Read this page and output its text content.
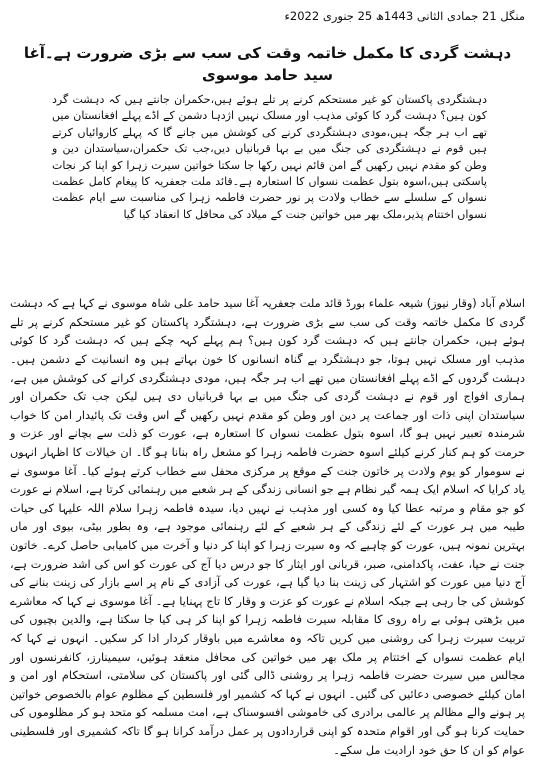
منگل 21 جمادی الثانی 1443ھ 25 جنوری 2022ء
دہشت گردی کا مکمل خاتمہ وقت کی سب سے بڑی ضرورت ہے۔آغا سید حامد موسوی

دہشتگردی پاکستان کو غیر مستحکم کرنے پر تلے ہوئے ہیں،حکمران جانتے ہیں کہ دہشت گرد کون ہیں؟ دہشت گرد کا کوئی مذہب اور مسلک نہیں اژدہا دشمن کے اڈے پہلے افغانستان میں تھے اب ہر جگہ ہیں،مودی دہشتگردی کرنے کی کوشش میں جانے گا کہ پہلے کاروائیاں کرتے ہیں قوم نے دہشتگردی کی جنگ میں بے بہا قربانیاں دیں،جب تک حکمران،سیاستدان دین و وطن کو مقدم نہیں رکھیں گے امن قائم نہیں رکھا جا سکتا خواتین سیرت زہرا کو اپنا کر نجات پاسکتی ہیں،اسوہ بتول عظمت نسواں کا استعارہ ہے۔قائد ملت جعفریہ کا پیغام کامل عظمت نسواں کے سلسلے سے خطاب ولادت پر نور حضرت فاطمہ زہرا کی مناسبت سے ایام عظمت نسواں اختتام پذیر،ملک بھر میں خواتین جنت کے میلاد کی محافل کا انعقاد کیا گیا

اسلام آباد (وقار نیوز) شیعہ علماء بورڈ قائد ملت جعفریہ آغا سید حامد علی شاہ موسوی نے کہا ہے کہ دہشت گردی کا مکمل خاتمہ وقت کی سب سے بڑی ضرورت ہے، دہشتگرد پاکستان کو غیر مستحکم کرنے پر تلے ہوئے ہیں، حکمران جانتے ہیں کہ دہشت گرد کون ہیں؟ ہم پہلے کہہ چکے ہیں کہ دہشت گرد کا کوئی مذہب اور مسلک نہیں ہوتا، جو دہشتگرد بے گناہ انسانوں کا خون بہاتے ہیں وہ انسانیت کے دشمن ہیں۔ دہشت گردوں کے اڈے پہلے افغانستان میں تھے اب ہر جگہ ہیں، مودی دہشتگردی کرانے کی کوشش میں ہے، ہماری افواج اور قوم نے دہشت گردی کی جنگ میں بے بہا قربانیاں دی ہیں لیکن جب تک حکمران اور سیاستدان اپنی ذات اور جماعت پر دین اور وطن کو مقدم نہیں رکھیں گے اس وقت تک پائیدار امن کا خواب شرمندہ تعبیر نہیں ہو گا، اسوہ بتول عظمت نسواں کا استعارہ ہے، عورت کو ذلت سے بچانے اور عزت و حرمت کو ہم کنار کرنے کیلئے اسوہ حضرت فاطمہ زہرا کو مشعل راہ بنانا ہو گا۔ ان خیالات کا اظہار انہوں نے سوموار کو یوم ولادت پر خاتون جنت کے موقع پر مرکزی محفل سے خطاب کرتے ہوئے کیا۔ آغا موسوی نے یاد کرایا کہ اسلام ایک ہمہ گیر نظام ہے جو انسانی زندگی کے ہر شعبے میں رہنمائی کرتا ہے، اسلام نے عورت کو جو مقام و مرتبہ عطا کیا وہ کسی اور مذہب نے نہیں دیا، سیدہ فاطمہ زہرا سلام اللہ علیہا کی حیات طیبہ میں ہر عورت کے لئے زندگی کے ہر شعبے کے لئے رہنمائی موجود ہے، وہ بطور بیٹی، بیوی اور ماں بہترین نمونہ ہیں، عورت کو چاہیے کہ وہ سیرت زہرا کو اپنا کر دنیا و آخرت میں کامیابی حاصل کرے۔ خاتون جنت نے حیا، عفت، پاکدامنی، صبر، قربانی اور ایثار کا جو درس دیا آج کی عورت کو اس کی اشد ضرورت ہے، آج دنیا میں عورت کو اشتہار کی زینت بنا دیا گیا ہے، عورت کی آزادی کے نام پر اسے بازار کی زینت بنانے کی کوشش کی جا رہی ہے جبکہ اسلام نے عورت کو عزت و وقار کا تاج پہنایا ہے۔ آغا موسوی نے کہا کہ معاشرے میں بڑھتی ہوئی بے راہ روی کا مقابلہ سیرت فاطمہ زہرا کو اپنا کر ہی کیا جا سکتا ہے، والدین بچیوں کی تربیت سیرت زہرا کی روشنی میں کریں تاکہ وہ معاشرے میں باوقار کردار ادا کر سکیں۔ انہوں نے کہا کہ ایام عظمت نسواں کے اختتام پر ملک بھر میں خواتین کی محافل منعقد ہوئیں، سیمینارز، کانفرنسوں اور مجالس میں سیرت حضرت فاطمہ زہرا پر روشنی ڈالی گئی اور پاکستان کی سلامتی، استحکام اور امن و امان کیلئے خصوصی دعائیں کی گئیں۔ انہوں نے کہا کہ کشمیر اور فلسطین کے مظلوم عوام بالخصوص خواتین پر ہونے والے مظالم پر عالمی برادری کی خاموشی افسوسناک ہے، امت مسلمہ کو متحد ہو کر مظلوموں کی حمایت کرنا ہو گی اور اقوام متحدہ کو اپنی قراردادوں پر عمل درآمد کرانا ہو گا تاکہ کشمیری اور فلسطینی عوام کو ان کا حق خود ارادیت مل سکے۔
